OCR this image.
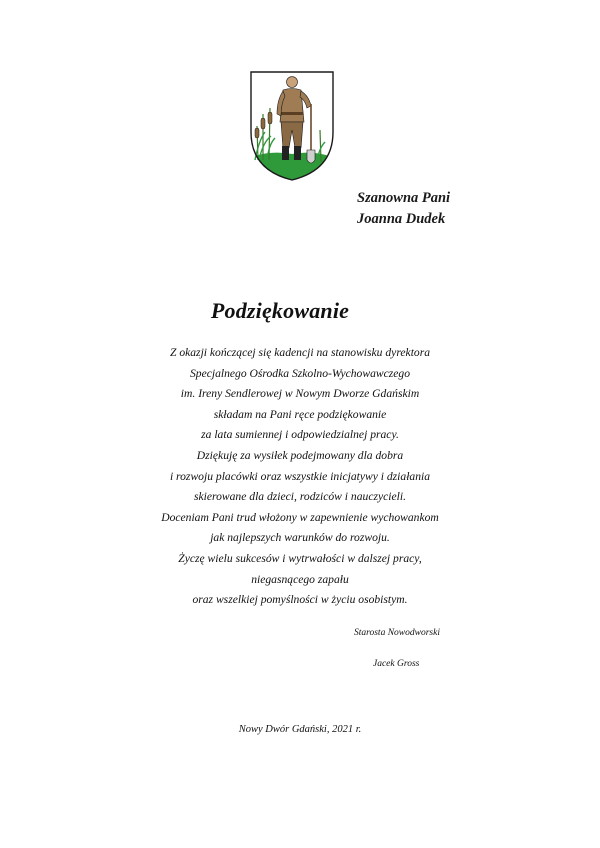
Szanowna Pani
Joanna Dudek
Podziękowanie
Z okazji kończącej się kadencji na stanowisku dyrektora
Specjalnego Ośrodka Szkolno-Wychowawczego
im. Ireny Sendlerowej w Nowym Dworze Gdańskim
składam na Pani ręce podziękowanie
za lata sumiennej i odpowiedzialnej pracy.
Dziękuję za wysiłek podejmowany dla dobra
i rozwoju placówki oraz wszystkie inicjatywy i działania
skierowane dla dzieci, rodziców i nauczycieli.
Doceniam Pani trud włożony w zapewnienie wychowankom
jak najlepszych warunków do rozwoju.
Życzę wielu sukcesów i wytrwałości w dalszej pracy,
niegasnącego zapału
oraz wszelkiej pomyślności w życiu osobistym.
Starosta Nowodworski
Jacek Gross
Nowy Dwór Gdański, 2021 r.
